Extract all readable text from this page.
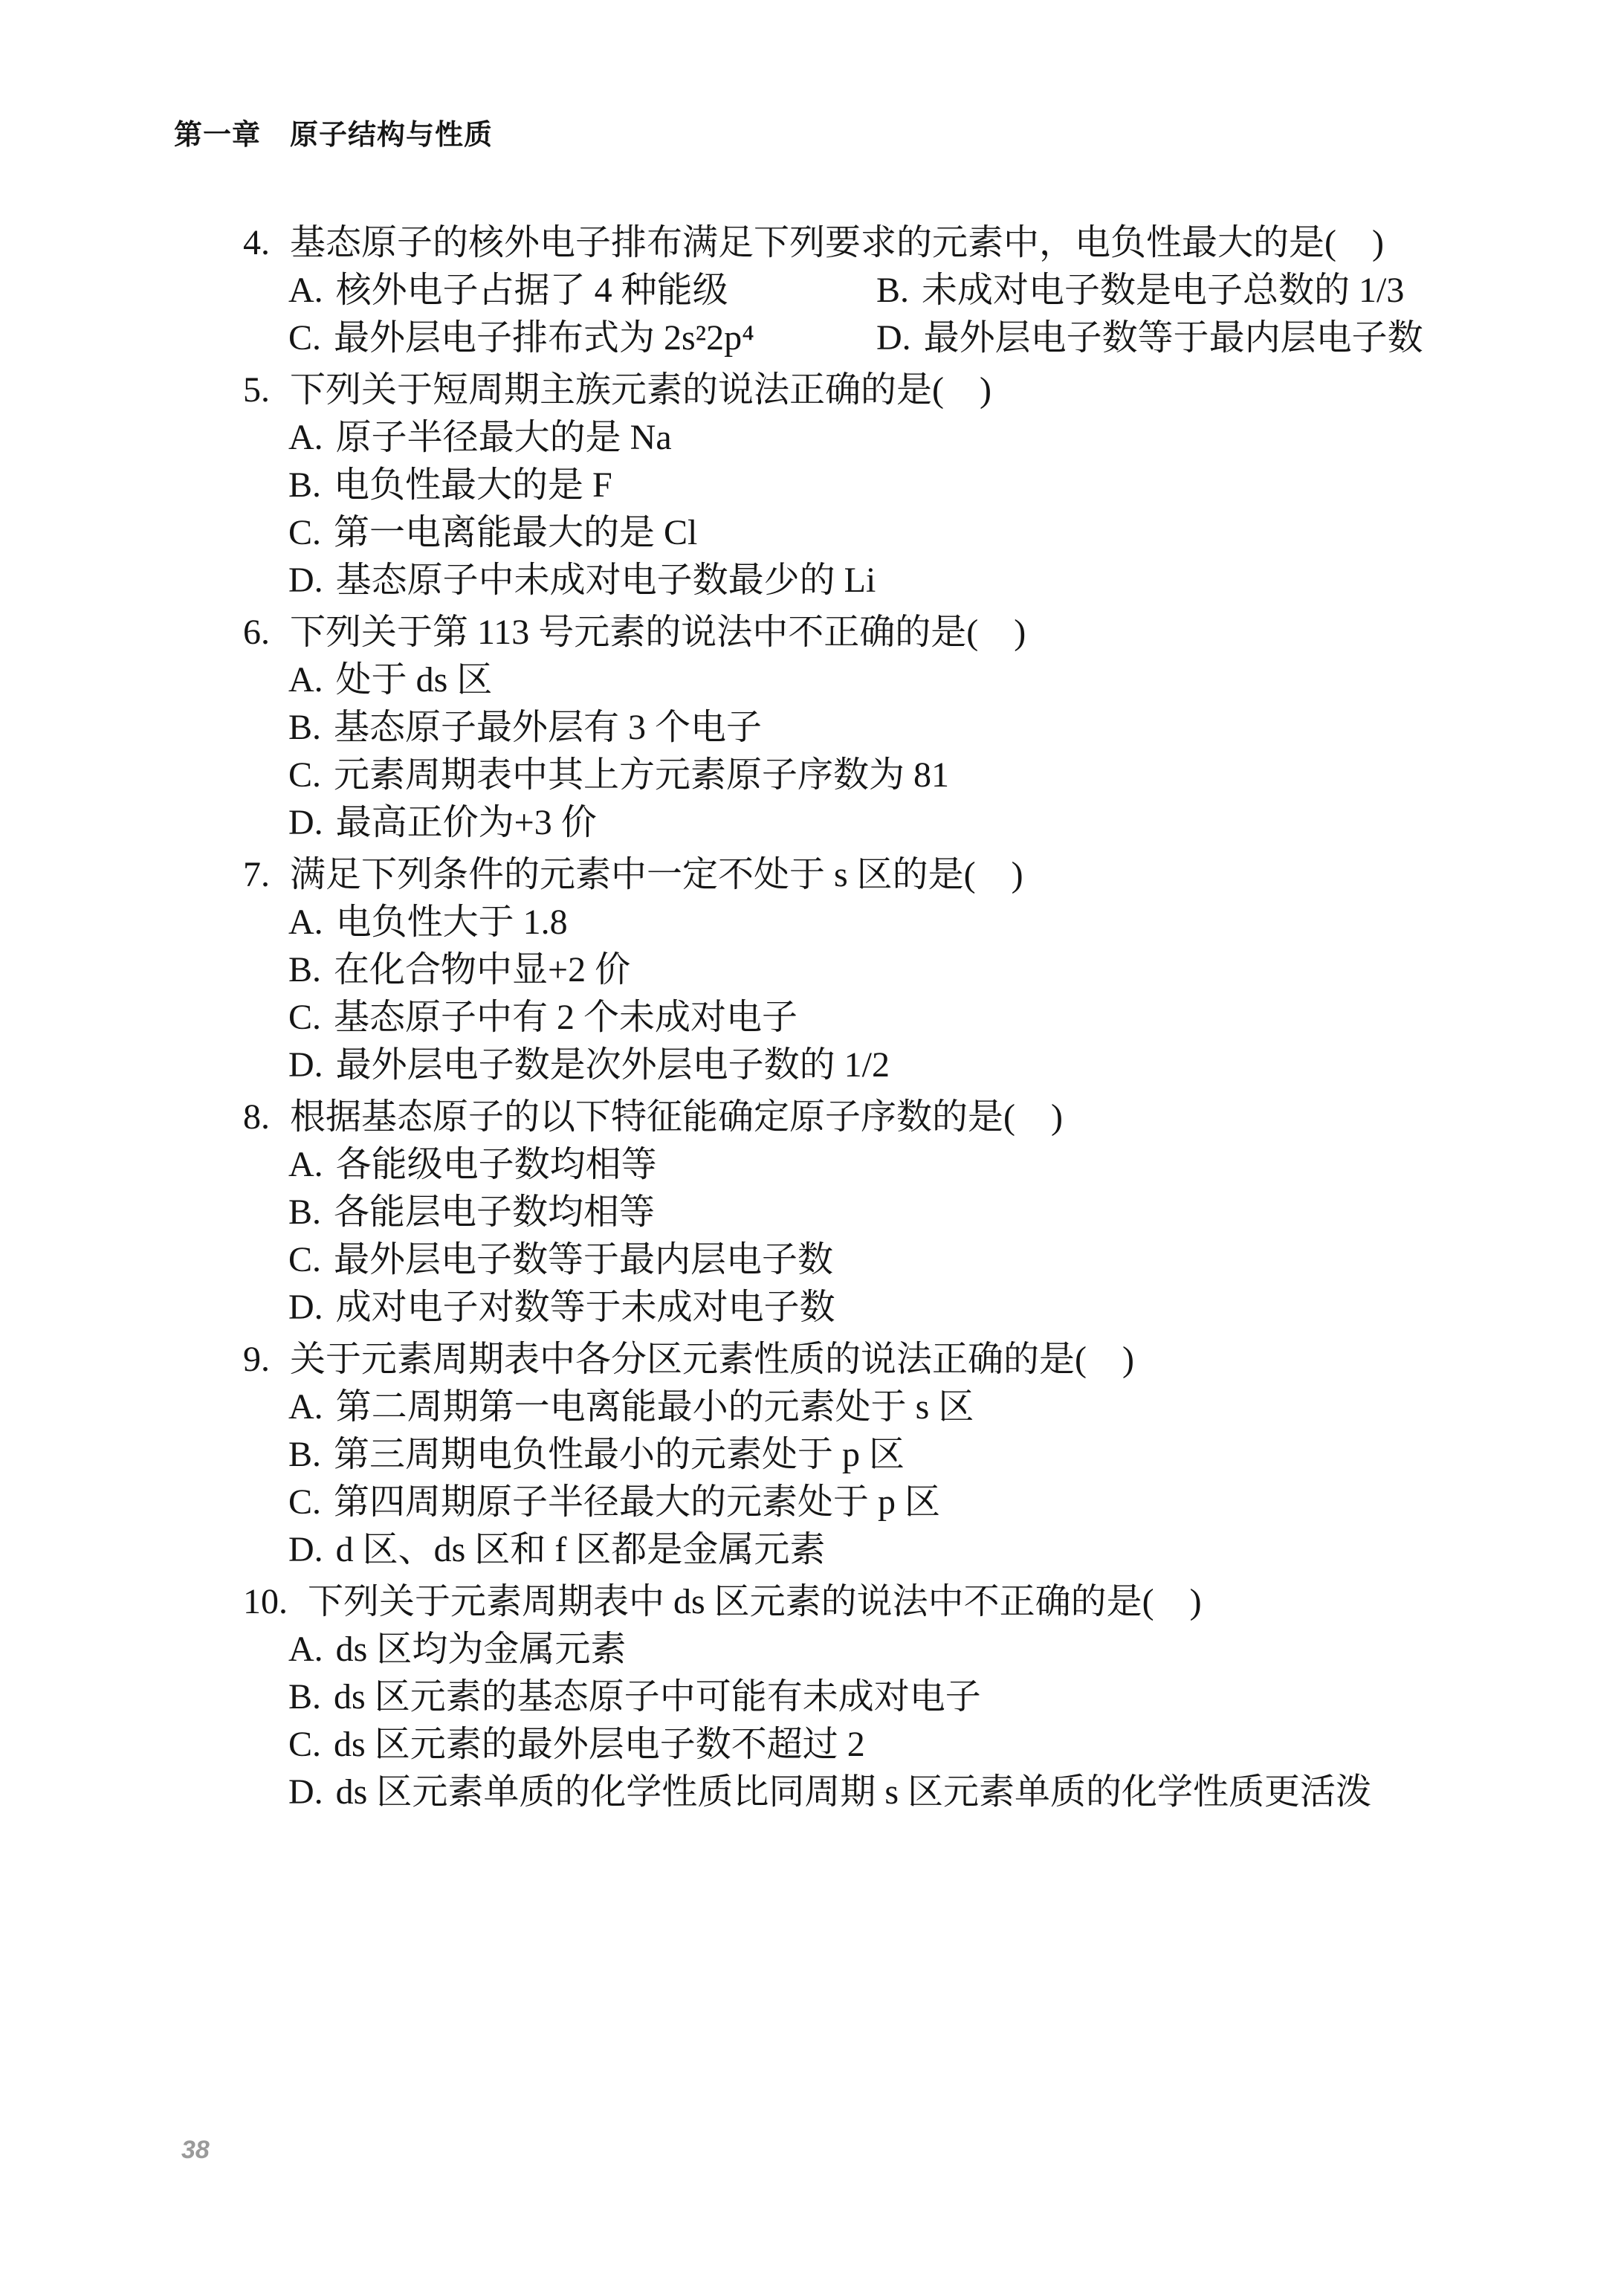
第一章　原子结构与性质
4. 基态原子的核外电子排布满足下列要求的元素中，电负性最大的是(　)
A. 核外电子占据了 4 种能级	B. 未成对电子数是电子总数的 1/3
C. 最外层电子排布式为 2s²2p⁴	D. 最外层电子数等于最内层电子数
5. 下列关于短周期主族元素的说法正确的是(　)
A. 原子半径最大的是 Na
B. 电负性最大的是 F
C. 第一电离能最大的是 Cl
D. 基态原子中未成对电子数最少的 Li
6. 下列关于第 113 号元素的说法中不正确的是(　)
A. 处于 ds 区
B. 基态原子最外层有 3 个电子
C. 元素周期表中其上方元素原子序数为 81
D. 最高正价为+3 价
7. 满足下列条件的元素中一定不处于 s 区的是(　)
A. 电负性大于 1.8
B. 在化合物中显+2 价
C. 基态原子中有 2 个未成对电子
D. 最外层电子数是次外层电子数的 1/2
8. 根据基态原子的以下特征能确定原子序数的是(　)
A. 各能级电子数均相等
B. 各能层电子数均相等
C. 最外层电子数等于最内层电子数
D. 成对电子对数等于未成对电子数
9. 关于元素周期表中各分区元素性质的说法正确的是(　)
A. 第二周期第一电离能最小的元素处于 s 区
B. 第三周期电负性最小的元素处于 p 区
C. 第四周期原子半径最大的元素处于 p 区
D. d 区、ds 区和 f 区都是金属元素
10. 下列关于元素周期表中 ds 区元素的说法中不正确的是(　)
A. ds 区均为金属元素
B. ds 区元素的基态原子中可能有未成对电子
C. ds 区元素的最外层电子数不超过 2
D. ds 区元素单质的化学性质比同周期 s 区元素单质的化学性质更活泼
38
